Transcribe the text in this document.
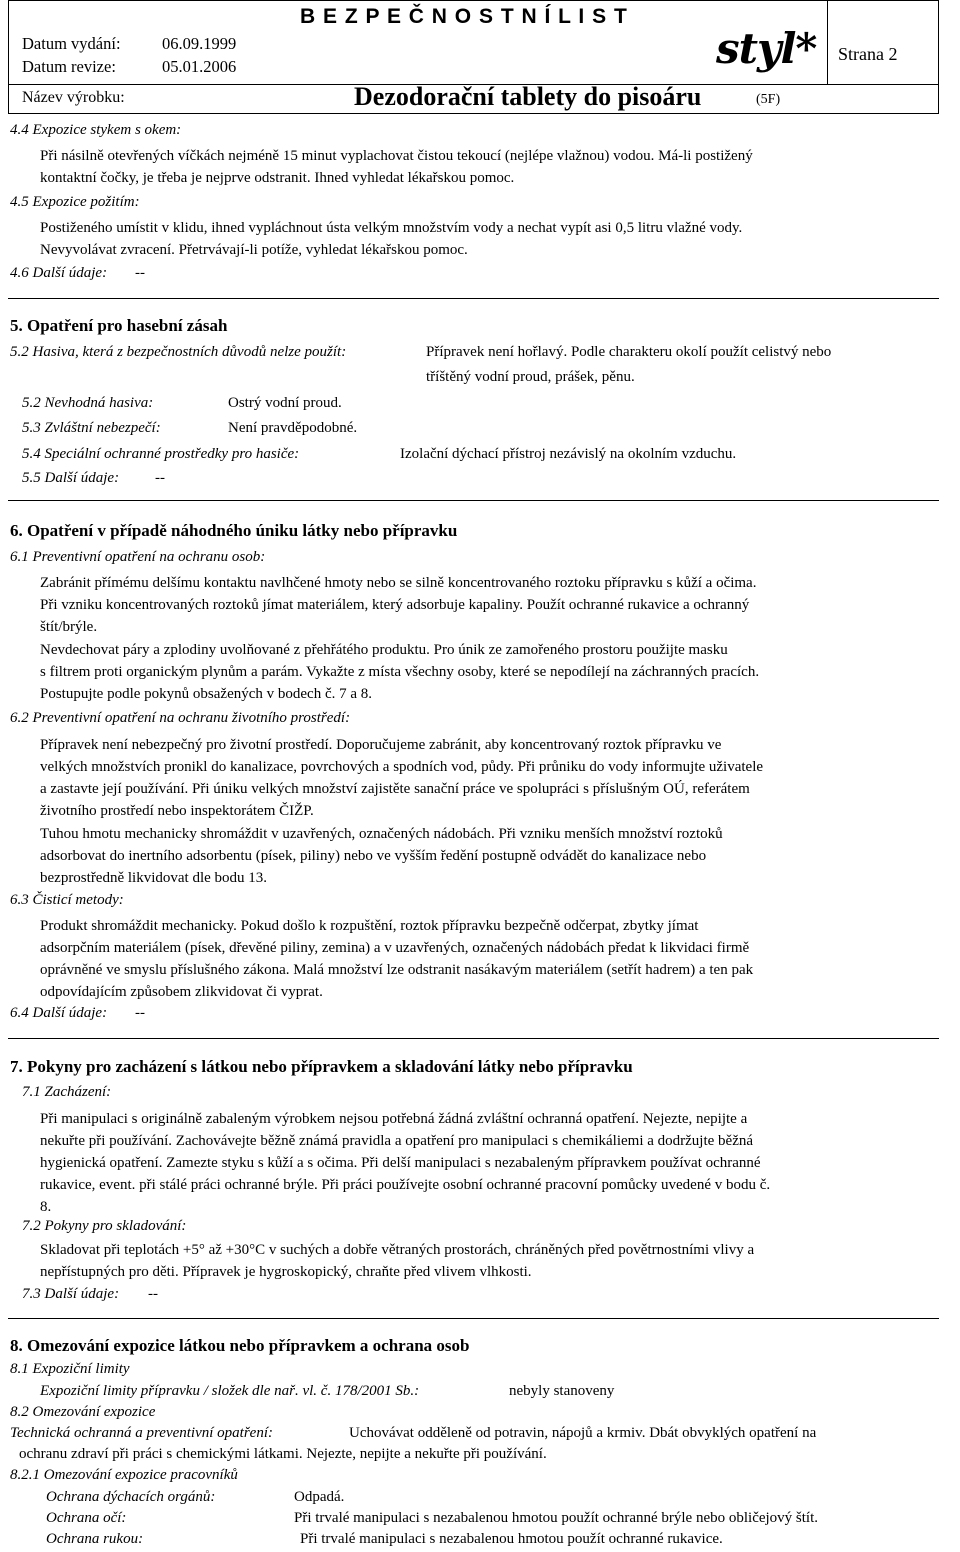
B E Z P E Č N O S T N Í L I S T
Datum vydání:	06.09.1999
Datum revize:	05.01.2006	styl* Strana 2
Název výrobku:	Dezodorační tablety do pisoáru	(5F)
4.4 Expozice stykem s okem:
Při násilně otevřených víčkách nejméně 15 minut vyplachovat čistou tekoucí (nejlépe vlažnou) vodou. Má-li postižený
kontaktní čočky, je třeba je nejprve odstranit. Ihned vyhledat lékařskou pomoc.
4.5 Expozice požitím:
Postiženého umístit v klidu, ihned vypláchnout ústa velkým množstvím vody a nechat vypít asi 0,5 litru vlažné vody.
Nevyvolávat zvracení. Přetrvávají-li potíže, vyhledat lékařskou pomoc.
4.6 Další údaje: --
5. Opatření pro hasební zásah
5.2 Hasiva, která z bezpečnostních důvodů nelze použít:	Přípravek není hořlavý. Podle charakteru okolí použít celistvý nebo
tříštěný vodní proud, prášek, pěnu.
5.2 Nevhodná hasiva:	Ostrý vodní proud.
5.3 Zvláštní nebezpečí:	Není pravděpodobné.
5.4 Speciální ochranné prostředky pro hasiče:	Izolační dýchací přístroj nezávislý na okolním vzduchu.
5.5 Další údaje: --
6. Opatření v případě náhodného úniku látky nebo přípravku
6.1 Preventivní opatření na ochranu osob:
Zabránit přímému delšímu kontaktu navlhčené hmoty nebo se silně koncentrovaného roztoku přípravku s kůží a očima.
Při vzniku koncentrovaných roztoků jímat materiálem, který adsorbuje kapaliny. Použít ochranné rukavice a ochranný
štít/brýle.
Nevdechovat páry a zplodiny uvolňované z přehřátého produktu. Pro únik ze zamořeného prostoru použijte masku
s filtrem proti organickým plynům a parám. Vykažte z místa všechny osoby, které se nepodílejí na záchranných pracích.
Postupujte podle pokynů obsažených v bodech č. 7 a 8.
6.2 Preventivní opatření na ochranu životního prostředí:
Přípravek není nebezpečný pro životní prostředí. Doporučujeme zabránit, aby koncentrovaný roztok přípravku ve
velkých množstvích pronikl do kanalizace, povrchových a spodních vod, půdy. Při průniku do vody informujte uživatele
a zastavte její používání. Při úniku velkých množství zajistěte sanační práce ve spolupráci s příslušným OÚ, referátem
životního prostředí nebo inspektorátem ČIŽP.
Tuhou hmotu mechanicky shromáždit v uzavřených, označených nádobách. Při vzniku menších množství roztoků
adsorbovat do inertního adsorbentu (písek, piliny) nebo ve vyšším ředění postupně odvádět do kanalizace nebo
bezprostředně likvidovat dle bodu 13.
6.3 Čisticí metody:
Produkt shromáždit mechanicky. Pokud došlo k rozpuštění, roztok přípravku bezpečně odčerpat, zbytky jímat
adsorpčním materiálem (písek, dřevěné piliny, zemina) a v uzavřených, označených nádobách předat k likvidaci firmě
oprávněné ve smyslu příslušného zákona. Malá množství lze odstranit nasákavým materiálem (setřít hadrem) a ten pak
odpovídajícím způsobem zlikvidovat či vyprat.
6.4 Další údaje: --
7. Pokyny pro zacházení s látkou nebo přípravkem a skladování látky nebo přípravku
7.1 Zacházení:
Při manipulaci s originálně zabaleným výrobkem nejsou potřebná žádná zvláštní ochranná opatření. Nejezte, nepijte a
nekuřte při používání. Zachovávejte běžně známá pravidla a opatření pro manipulaci s chemikáliemi a dodržujte běžná
hygienická opatření. Zamezte styku s kůží a s očima. Při delší manipulaci s nezabaleným přípravkem používat ochranné
rukavice, event. při stálé práci ochranné brýle. Při práci používejte osobní ochranné pracovní pomůcky uvedené v bodu č.
8.
7.2 Pokyny pro skladování:
Skladovat při teplotách +5° až +30°C v suchých a dobře větraných prostorách, chráněných před povětrnostními vlivy a
nepřístupných pro děti. Přípravek je hygroskopický, chraňte před vlivem vlhkosti.
7.3 Další údaje: --
8. Omezování expozice látkou nebo přípravkem a ochrana osob
8.1 Expoziční limity
Expoziční limity přípravku / složek dle nař. vl. č. 178/2001 Sb.:	nebyly stanoveny
8.2 Omezování expozice
Technická ochranná a preventivní opatření:	Uchovávat odděleně od potravin, nápojů a krmiv. Dbát obvyklých opatření na
ochranu zdraví při práci s chemickými látkami. Nejezte, nepijte a nekuřte při používání.
8.2.1 Omezování expozice pracovníků
Ochrana dýchacích orgánů:	Odpadá.
Ochrana očí:	Při trvalé manipulaci s nezabalenou hmotou použít ochranné brýle nebo obličejový štít.
Ochrana rukou:	Při trvalé manipulaci s nezabalenou hmotou použít ochranné rukavice.
